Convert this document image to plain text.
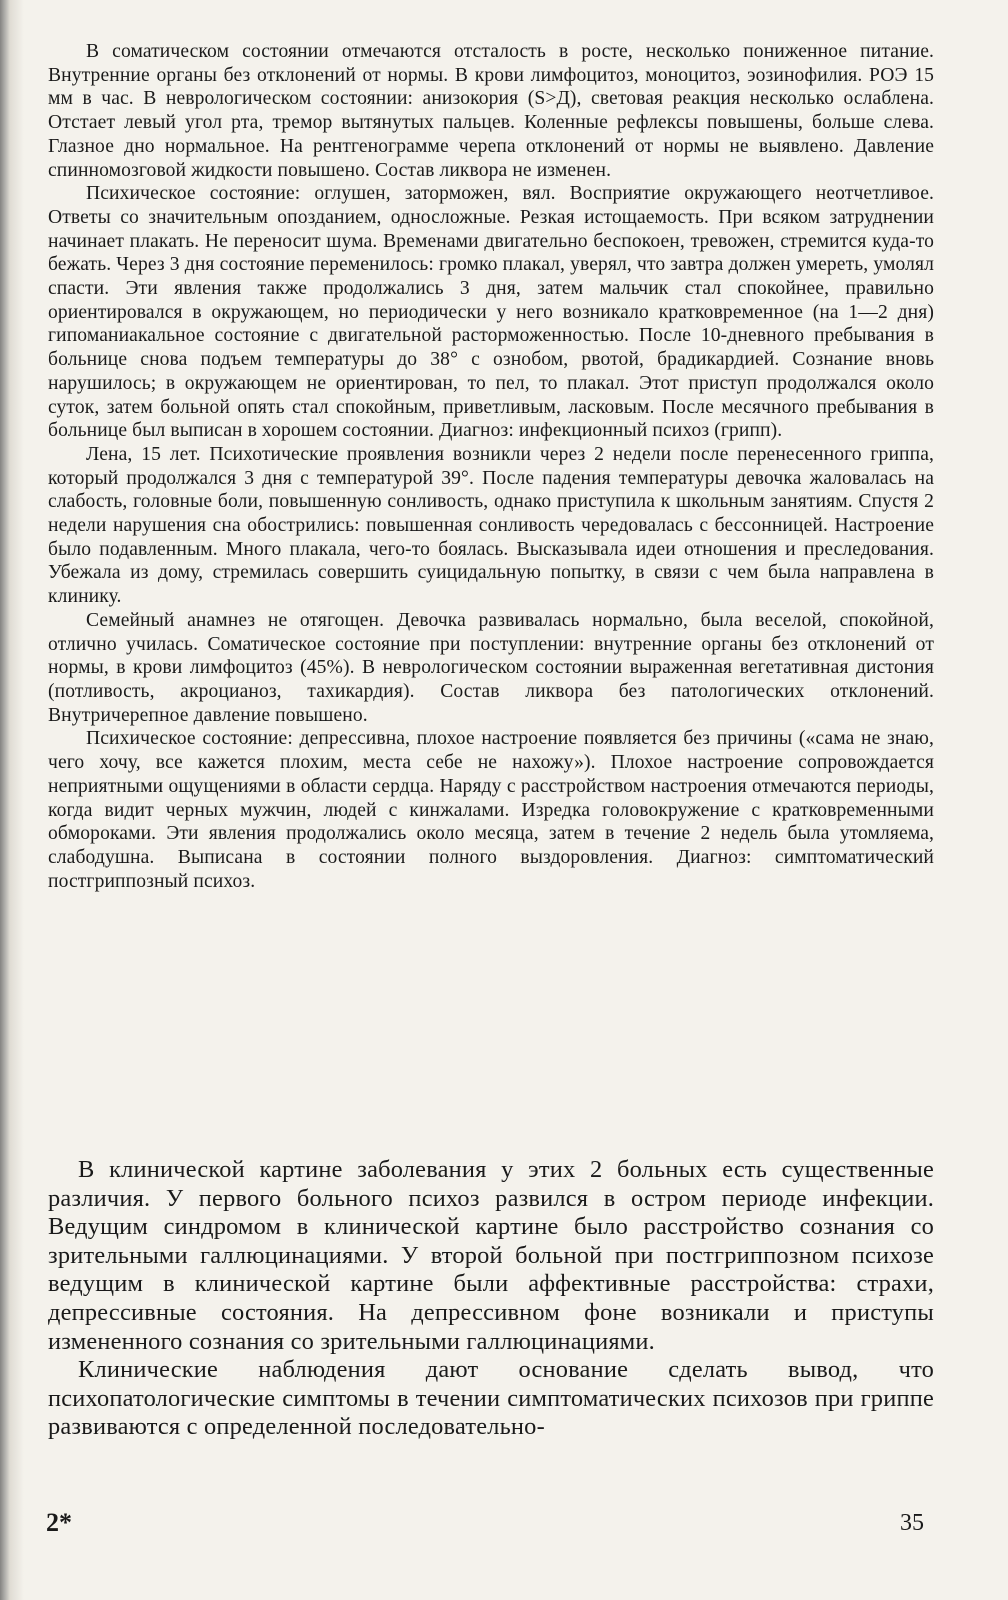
В соматическом состоянии отмечаются отсталость в росте, несколько пониженное питание. Внутренние органы без отклонений от нормы. В крови лимфоцитоз, моноцитоз, эозинофилия. РОЭ 15 мм в час. В неврологическом состоянии: анизокория (S>Д), световая реакция несколько ослаблена. Отстает левый угол рта, тремор вытянутых пальцев. Коленные рефлексы повышены, больше слева. Глазное дно нормальное. На рентгенограмме черепа отклонений от нормы не выявлено. Давление спинномозговой жидкости повышено. Состав ликвора не изменен.

Психическое состояние: оглушен, заторможен, вял. Восприятие окружающего неотчетливое. Ответы со значительным опозданием, односложные. Резкая истощаемость. При всяком затруднении начинает плакать. Не переносит шума. Временами двигательно беспокоен, тревожен, стремится куда-то бежать. Через 3 дня состояние переменилось: громко плакал, уверял, что завтра должен умереть, умолял спасти. Эти явления также продолжались 3 дня, затем мальчик стал спокойнее, правильно ориентировался в окружающем, но периодически у него возникало кратковременное (на 1—2 дня) гипоманиакальное состояние с двигательной расторможенностью. После 10-дневного пребывания в больнице снова подъем температуры до 38° с ознобом, рвотой, брадикардией. Сознание вновь нарушилось; в окружающем не ориентирован, то пел, то плакал. Этот приступ продолжался около суток, затем больной опять стал спокойным, приветливым, ласковым. После месячного пребывания в больнице был выписан в хорошем состоянии. Диагноз: инфекционный психоз (грипп).

Лена, 15 лет. Психотические проявления возникли через 2 недели после перенесенного гриппа, который продолжался 3 дня с температурой 39°. После падения температуры девочка жаловалась на слабость, головные боли, повышенную сонливость, однако приступила к школьным занятиям. Спустя 2 недели нарушения сна обострились: повышенная сонливость чередовалась с бессонницей. Настроение было подавленным. Много плакала, чего-то боялась. Высказывала идеи отношения и преследования. Убежала из дому, стремилась совершить суицидальную попытку, в связи с чем была направлена в клинику.

Семейный анамнез не отягощен. Девочка развивалась нормально, была веселой, спокойной, отлично училась. Соматическое состояние при поступлении: внутренние органы без отклонений от нормы, в крови лимфоцитоз (45%). В неврологическом состоянии выраженная вегетативная дистония (потливость, акроцианоз, тахикардия). Состав ликвора без патологических отклонений. Внутричерепное давление повышено.

Психическое состояние: депрессивна, плохое настроение появляется без причины («сама не знаю, чего хочу, все кажется плохим, места себе не нахожу»). Плохое настроение сопровождается неприятными ощущениями в области сердца. Наряду с расстройством настроения отмечаются периоды, когда видит черных мужчин, людей с кинжалами. Изредка головокружение с кратковременными обмороками. Эти явления продолжались около месяца, затем в течение 2 недель была утомляема, слабодушна. Выписана в состоянии полного выздоровления. Диагноз: симптоматический постгриппозный психоз.

В клинической картине заболевания у этих 2 больных есть существенные различия. У первого больного психоз развился в остром периоде инфекции. Ведущим синдромом в клинической картине было расстройство сознания со зрительными галлюцинациями. У второй больной при постгриппозном психозе ведущим в клинической картине были аффективные расстройства: страхи, депрессивные состояния. На депрессивном фоне возникали и приступы измененного сознания со зрительными галлюцинациями.

Клинические наблюдения дают основание сделать вывод, что психопатологические симптомы в течении симптоматических психозов при гриппе развиваются с определенной последовательно-

2*	35
